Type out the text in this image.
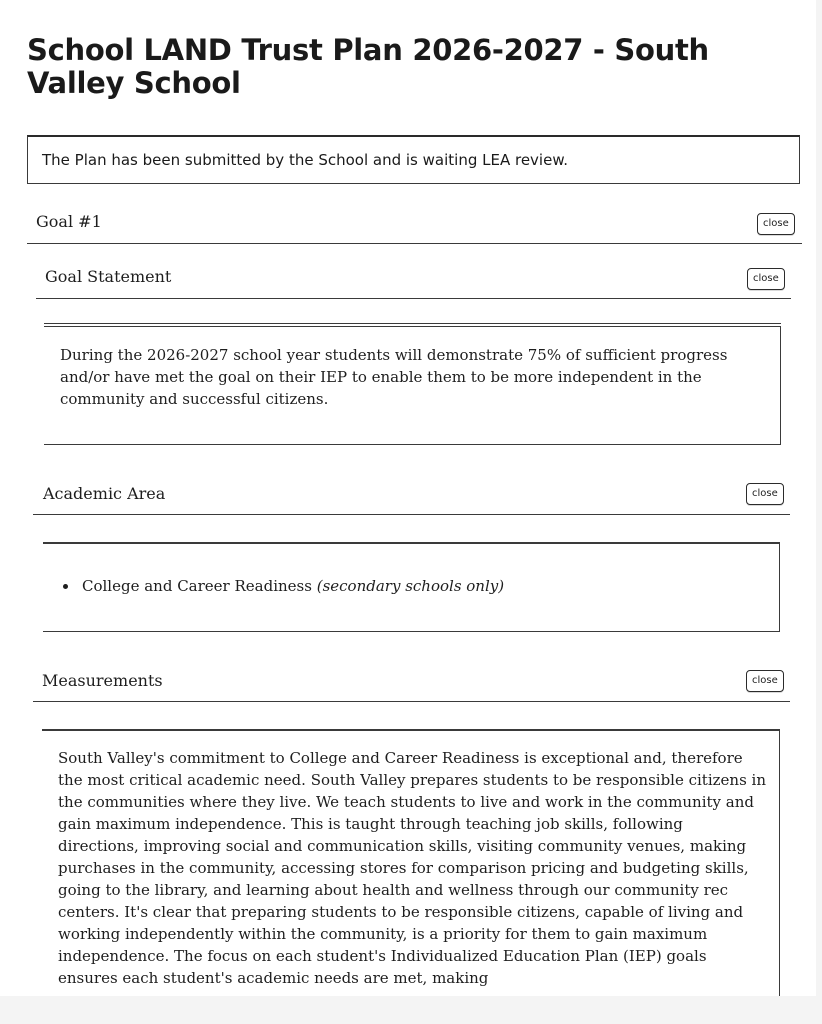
School LAND Trust Plan 2026-2027 - South Valley School
The Plan has been submitted by the School and is waiting LEA review.
Goal #1	close
Goal Statement	close

During the 2026-2027 school year students will demonstrate 75% of sufficient progress and/or have met the goal on their IEP to enable them to be more independent in the community and successful citizens.

Academic Area	close
College and Career Readiness
(secondary schools only)
Measurements	close

South Valley's commitment to College and Career Readiness is exceptional and, therefore the most critical academic need. South Valley prepares students to be responsible citizens in the communities where they live. We teach students to live and work in the community and gain maximum independence. This is taught through teaching job skills, following directions, improving social and communication skills, visiting community venues, making purchases in the community, accessing stores for comparison pricing and budgeting skills, going to the library, and learning about health and wellness through our community rec centers. It's clear that preparing students to be responsible citizens, capable of living and working independently within the community, is a priority for them to gain maximum independence. The focus on each student's Individualized Education Plan (IEP) goals ensures each student's academic needs are met, making
